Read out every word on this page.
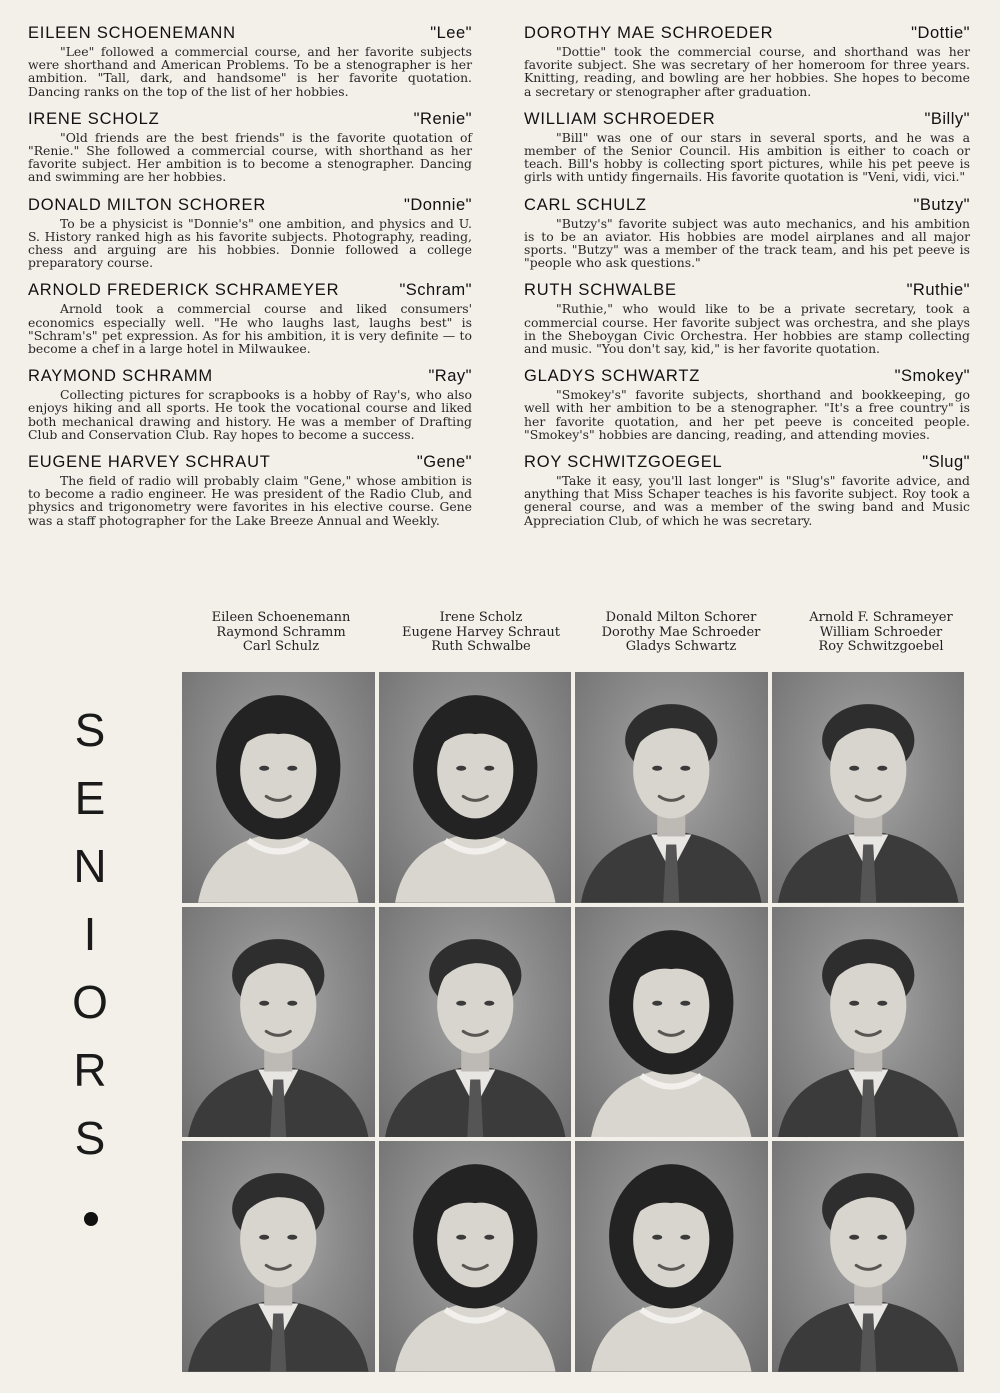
EILEEN SCHOENEMANN	"Lee"

"Lee" followed a commercial course, and her favorite subjects were shorthand and American Problems. To be a stenographer is her ambition. "Tall, dark, and handsome" is her favorite quotation. Dancing ranks on the top of the list of her hobbies.

IRENE SCHOLZ	"Renie"

"Old friends are the best friends" is the favorite quotation of "Renie." She followed a commercial course, with shorthand as her favorite subject. Her ambition is to become a stenographer. Dancing and swimming are her hobbies.

DONALD MILTON SCHORER	"Donnie"

To be a physicist is "Donnie's" one ambition, and physics and U. S. History ranked high as his favorite subjects. Photography, reading, chess and arguing are his hobbies. Donnie followed a college preparatory course.

ARNOLD FREDERICK SCHRAMEYER	"Schram"

Arnold took a commercial course and liked consumers' economics especially well. "He who laughs last, laughs best" is "Schram's" pet expression. As for his ambition, it is very definite — to become a chef in a large hotel in Milwaukee.

RAYMOND SCHRAMM	"Ray"

Collecting pictures for scrapbooks is a hobby of Ray's, who also enjoys hiking and all sports. He took the vocational course and liked both mechanical drawing and history. He was a member of Drafting Club and Conservation Club. Ray hopes to become a success.

EUGENE HARVEY SCHRAUT	"Gene"

The field of radio will probably claim "Gene," whose ambition is to become a radio engineer. He was president of the Radio Club, and physics and trigonometry were favorites in his elective course. Gene was a staff photographer for the Lake Breeze Annual and Weekly.

DOROTHY MAE SCHROEDER	"Dottie"

"Dottie" took the commercial course, and shorthand was her favorite subject. She was secretary of her homeroom for three years. Knitting, reading, and bowling are her hobbies. She hopes to become a secretary or stenographer after graduation.

WILLIAM SCHROEDER	"Billy"

"Bill" was one of our stars in several sports, and he was a member of the Senior Council. His ambition is either to coach or teach. Bill's hobby is collecting sport pictures, while his pet peeve is girls with untidy fingernails. His favorite quotation is "Veni, vidi, vici."

CARL SCHULZ	"Butzy"

"Butzy's" favorite subject was auto mechanics, and his ambition is to be an aviator. His hobbies are model airplanes and all major sports. "Butzy" was a member of the track team, and his pet peeve is "people who ask questions."

RUTH SCHWALBE	"Ruthie"

"Ruthie," who would like to be a private secretary, took a commercial course. Her favorite subject was orchestra, and she plays in the Sheboygan Civic Orchestra. Her hobbies are stamp collecting and music. "You don't say, kid," is her favorite quotation.

GLADYS SCHWARTZ	"Smokey"

"Smokey's" favorite subjects, shorthand and bookkeeping, go well with her ambition to be a stenographer. "It's a free country" is her favorite quotation, and her pet peeve is conceited people. "Smokey's" hobbies are dancing, reading, and attending movies.

ROY SCHWITZGOEGEL	"Slug"

"Take it easy, you'll last longer" is "Slug's" favorite advice, and anything that Miss Schaper teaches is his favorite subject. Roy took a general course, and was a member of the swing band and Music Appreciation Club, of which he was secretary.

Eileen Schoenemann
Raymond Schramm
Carl Schulz
Irene Scholz
Eugene Harvey Schraut
Ruth Schwalbe
Donald Milton Schorer
Dorothy Mae Schroeder
Gladys Schwartz
Arnold F. Schrameyer
William Schroeder
Roy Schwitzgoebel
S
E
N
I
O
R
S
